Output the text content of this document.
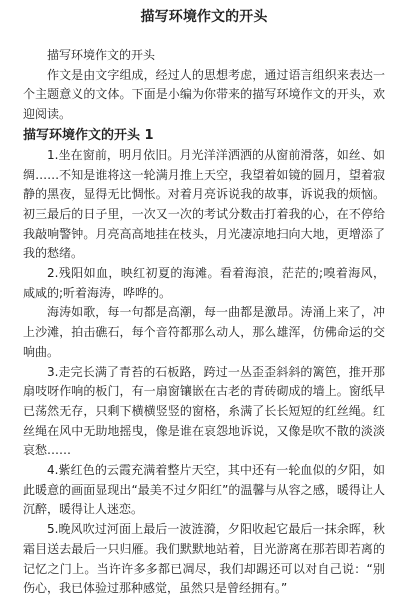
描写环境作文的开头

描写环境作文的开头

作文是由文字组成，经过人的思想考虑，通过语言组织来表达一个主题意义的文体。下面是小编为你带来的描写环境作文的开头，欢迎阅读。

描写环境作文的开头 1

1.坐在窗前，明月依旧。月光洋洋洒洒的从窗前滑落，如丝、如绸……不知是谁将这一轮满月推上天空，我望着如镜的圆月，望着寂静的黑夜，显得无比惆怅。对着月亮诉说我的故事，诉说我的烦恼。初三最后的日子里，一次又一次的考试分数击打着我的心，在不停给我敲响警钟。月亮高高地挂在枝头，月光凄凉地扫向大地，更增添了我的愁绪。

2.残阳如血，映红初夏的海滩。看着海浪，茫茫的;嗅着海风，咸咸的;听着海涛，哗哗的。

海涛如歌，每一句都是高潮，每一曲都是激昂。涛涌上来了，冲上沙滩，拍击礁石，每个音符都那么动人，那么雄浑，仿佛命运的交响曲。

3.走完长满了青苔的石板路，跨过一丛歪歪斜斜的篱笆，推开那扇吱呀作响的板门，有一扇窗镶嵌在古老的青砖砌成的墙上。窗纸早已荡然无存，只剩下横横竖竖的窗格，糸满了长长短短的红丝绳。红丝绳在风中无助地摇曳，像是谁在哀怨地诉说，又像是吹不散的淡淡哀愁……

4.紫红色的云霞充满着整片天空，其中还有一轮血似的夕阳，如此暖意的画面显现出“最美不过夕阳红”的温馨与从容之感，暖得让人沉醉，暖得让人迷恋。

5.晚风吹过河面上最后一波涟漪，夕阳收起它最后一抹余晖，秋霜目送去最后一只归雁。我们默默地站着，目光游离在那若即若离的记忆之门上。当许许多多都已凋尽，我们却踢还可以对自己说：“别伤心，我已体验过那种感觉，虽然只是曾经拥有。”
